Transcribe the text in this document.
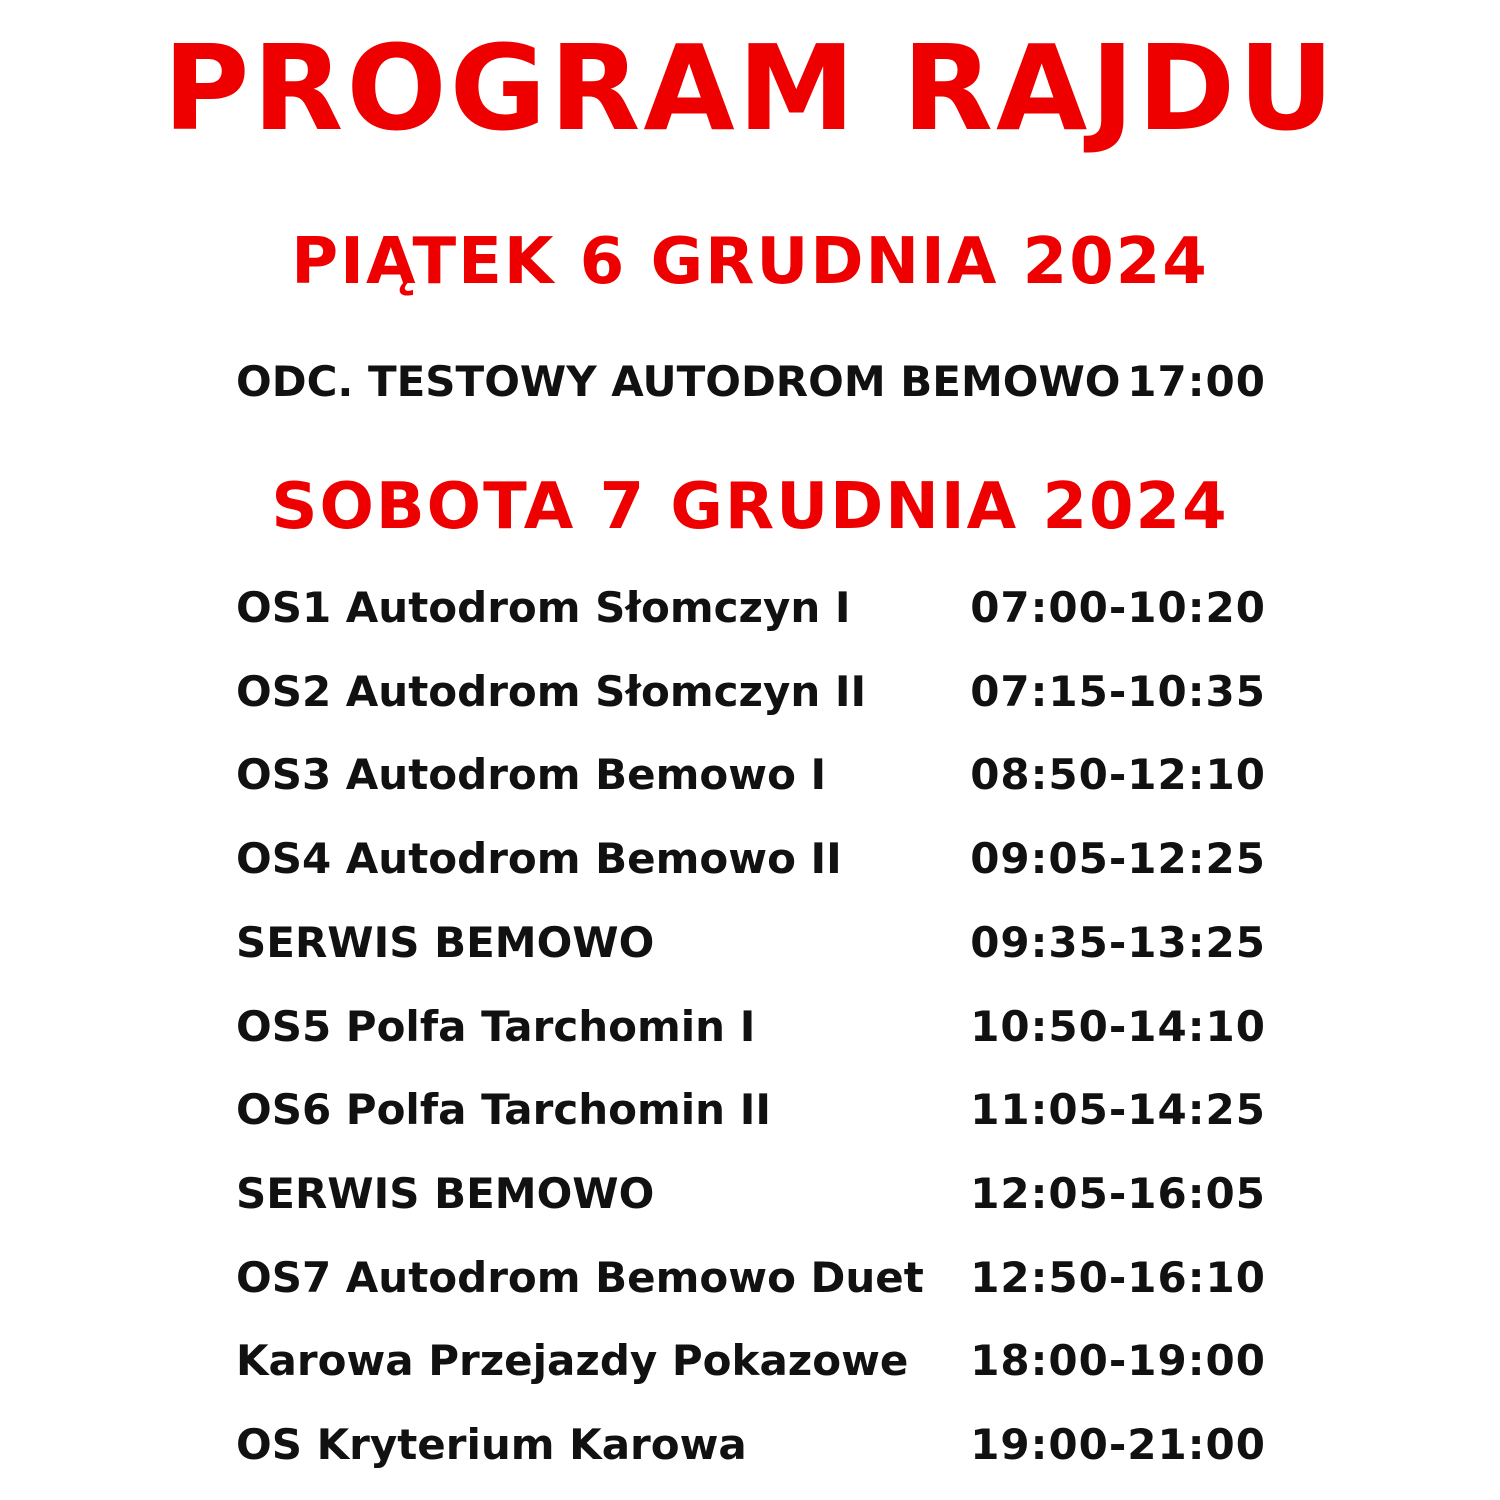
PROGRAM RAJDU
PIĄTEK 6 GRUDNIA 2024
ODC. TESTOWY AUTODROM BEMOWO 17:00
SOBOTA 7 GRUDNIA 2024
OS1 Autodrom Słomczyn I	07:00-10:20
OS2 Autodrom Słomczyn II 07:15-10:35
OS3 Autodrom Bemowo I	08:50-12:10
OS4 Autodrom Bemowo II	09:05-12:25
SERWIS BEMOWO	09:35-13:25
OS5 Polfa Tarchomin I	10:50-14:10
OS6 Polfa Tarchomin II	11:05-14:25
SERWIS BEMOWO	12:05-16:05
OS7 Autodrom Bemowo Duet 12:50-16:10
Karowa Przejazdy Pokazowe 18:00-19:00
OS Kryterium Karowa	19:00-21:00
